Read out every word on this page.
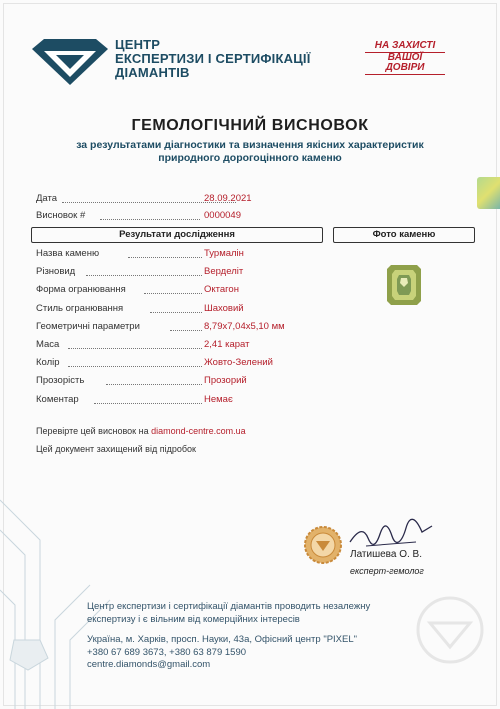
ЦЕНТР
ЕКСПЕРТИЗИ І СЕРТИФІКАЦІЇ
ДІАМАНТІВ
НА ЗАХИСТІ
ВАШОЇ
ДОВІРИ
ГЕМОЛОГІЧНИЙ ВИСНОВОК
за результатами діагностики та визначення якісних характеристик
природного дорогоцінного каменю
Дата	28.09.2021
Висновок #	0000049
Результати дослідження	Фото каменю
Назва каменю	Турмалін
Різновид	Верделіт
Форма огранювання	Октагон
Стиль огранювання	Шаховий
Геометричні параметри	8,79x7,04x5,10 мм
Маса	2,41 карат
Колір	Жовто-Зелений
Прозорість	Прозорий
Коментар	Немає
Перевірте цей висновок на diamond-centre.com.ua
Цей документ захищений від підробок
Латишева О. В.
експерт-гемолог
Центр експертизи і сертифікації діамантів проводить незалежну
експертизу і є вільним від комерційних інтересів
Україна, м. Харків, просп. Науки, 43а, Офісний центр "PIXEL"
+380 67 689 3673, +380 63 879 1590
centre.diamonds@gmail.com
